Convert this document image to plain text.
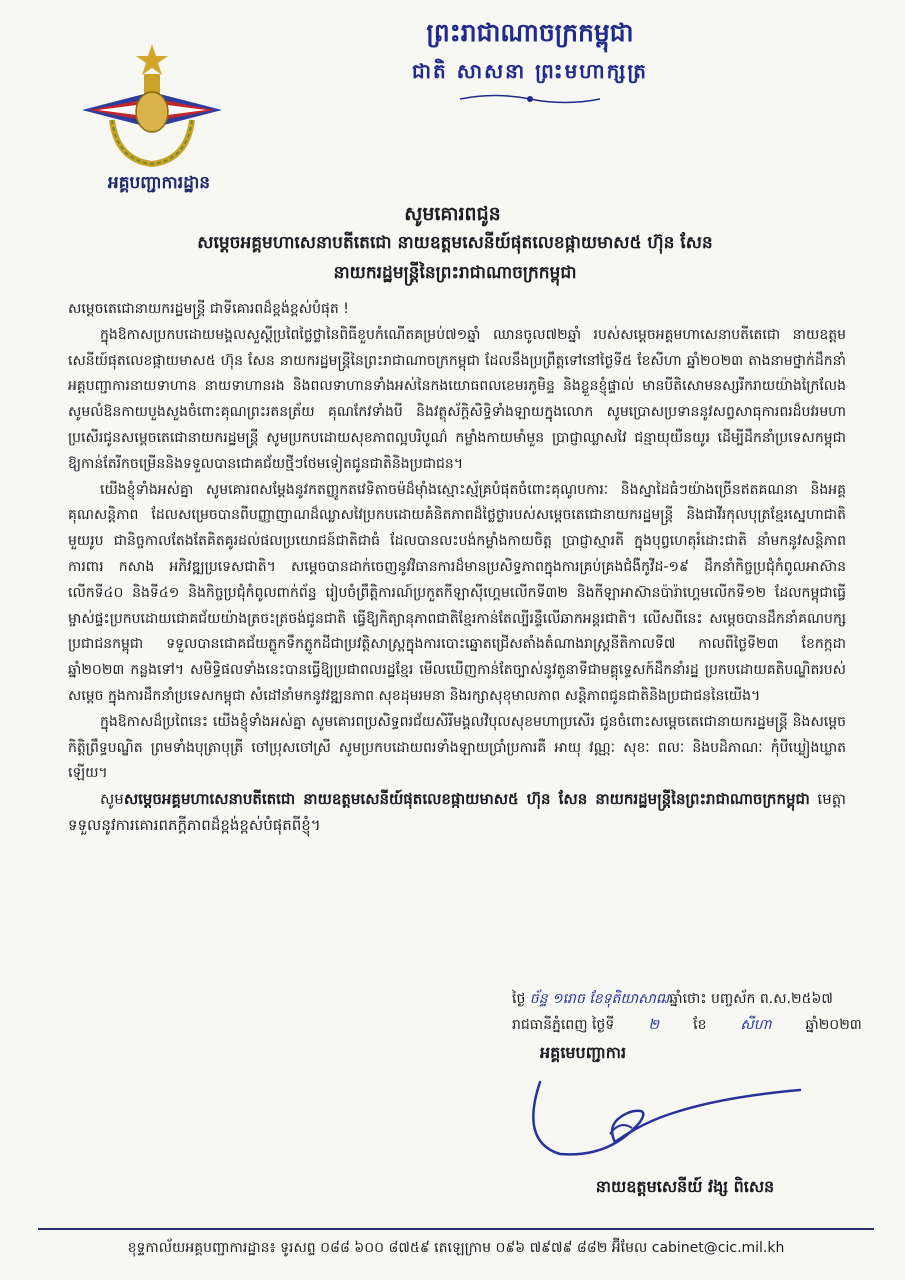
អគ្គបញ្ជាការដ្ឋាន
ព្រះរាជាណាចក្រកម្ពុជា
ជាតិ សាសនា ព្រះមហាក្សត្រ
សូមគោរពជូន
សម្តេចអគ្គមហាសេនាបតីតេជោ នាយឧត្តមសេនីយ៍ផុតលេខផ្កាយមាស៥ ហ៊ុន សែន
នាយករដ្ឋមន្ត្រីនៃព្រះរាជាណាចក្រកម្ពុជា

សម្តេចតេជោនាយករដ្ឋមន្ត្រី ជាទីគោរពដ៏ខ្ពង់ខ្ពស់បំផុត !

ក្នុងឱកាសប្រកបដោយមង្គលសួស្តីប្រពៃថ្លៃថ្លានៃពិធីខួបកំណើតគម្រប់៧១ឆ្នាំ ឈានចូល៧២ឆ្នាំ របស់សម្តេចអគ្គមហាសេនាបតីតេជោ នាយឧត្តមសេនីយ៍ផុតលេខផ្កាយមាស៥ ហ៊ុន សែន នាយករដ្ឋមន្ត្រីនៃព្រះរាជាណាចក្រកម្ពុជា ដែលនឹងប្រព្រឹត្តទៅនៅថ្ងៃទី៥ ខែសីហា ឆ្នាំ២០២៣ តាងនាមថ្នាក់ដឹកនាំអគ្គបញ្ជាការនាយទាហាន នាយទាហានរង និងពលទាហានទាំងអស់នៃកងយោធពលខេមរភូមិន្ទ និងខ្លួនខ្ញុំផ្ទាល់ មានបីតិសោមនស្សរីករាយយ៉ាងក្រៃលែង សូមលំឱនកាយបួងសួងចំពោះគុណព្រះរតនត្រ័យ គុណកែវទាំងបី និងវត្ថុស័ក្តិសិទ្ធិទាំងឡាយក្នុងលោក សូមប្រោសប្រទាននូវសព្វសាធុការពរដ៏បវរមហាប្រសើរជូនសម្តេចតេជោនាយករដ្ឋមន្ត្រី សូមប្រកបដោយសុខភាពល្អបរិបូណ៌ កម្លាំងកាយមាំមួន ប្រាជ្ញាឈ្លាសវៃ ជន្មាយុយឺនយូរ ដើម្បីដឹកនាំប្រទេសកម្ពុជា ឱ្យកាន់តែរីកចម្រើននិងទទួលបានជោគជ័យថ្មីៗថែមទៀតជូនជាតិនិងប្រជាជន។

យើងខ្ញុំទាំងអស់គ្នា សូមគោរពសម្តែងនូវកតញ្ញូកតវេទិតាចម៉ដ៏ម៉ាំងស្មោះស្ម័គ្របំផុតចំពោះគុណូបការៈ និងស្នាដៃធំៗយ៉ាងច្រើនឥតគណនា និងអគ្គគុណសន្តិភាព ដែលសម្រេចបានពីបញ្ញាញាណដ៏ឈ្លាសវៃប្រកបដោយគំនិតភាពដ៏ថ្លៃថ្លារបស់សម្តេចតេជោនាយករដ្ឋមន្ត្រី និងជាវីរកុលបុត្រខ្មែរស្នេហាជាតិមួយរូប ជានិច្ចកាលតែងតែគិតគូរដល់ផលប្រយោជន៍ជាតិជាធំ ដែលបានលះបង់កម្លាំងកាយចិត្ត ប្រាជ្ញាស្មារតី ក្នុងបុព្វហេតុរំដោះជាតិ នាំមកនូវសន្តិភាព ការពារ កសាង អភិវឌ្ឍប្រទេសជាតិ។ សម្តេចបានដាក់ចេញនូវវិធានការដ៏មានប្រសិទ្ធភាពក្នុងការគ្រប់គ្រងជំងឺកូវីដ-១៩ ដឹកនាំកិច្ចប្រជុំកំពូលអាស៊ានលើកទី៤០ និងទី៤១ និងកិច្ចប្រជុំកំពូលពាក់ព័ន្ធ រៀបចំព្រឹត្តិការណ៍ប្រកួតកីឡាស៊ីហ្គេមលើកទី៣២ និងកីឡាអាស៊ានប៉ារ៉ាហ្គេមលើកទី១២ ដែលកម្ពុជាធ្វើម្ចាស់ផ្ទះប្រកបដោយជោគជ័យយ៉ាងត្រចះត្រចង់ជូនជាតិ ធ្វើឱ្យកិត្យានុភាពជាតិខ្មែរកាន់តែល្បីរន្ទឺលើឆាកអន្តរជាតិ។ លើសពីនេះ សម្តេចបានដឹកនាំគណបក្សប្រជាជនកម្ពុជា ទទួលបានជោគជ័យភ្លូកទឹកភ្លូកដីជាប្រវត្តិសាស្ត្រក្នុងការបោះឆ្នោតជ្រើសតាំងតំណាងរាស្ត្រនីតិកាលទី៧ កាលពីថ្ងៃទី២៣ ខែកក្កដា ឆ្នាំ២០២៣ កន្លងទៅ។ សមិទ្ធិផលទាំងនេះបានធ្វើឱ្យប្រជាពលរដ្ឋខ្មែរ មើលឃើញកាន់តែច្បាស់នូវតួនាទីជាមគ្គុទ្ទេសក៍ដឹកនាំរដ្ឋ ប្រកបដោយគតិបណ្ឌិតរបស់សម្តេច ក្នុងការដឹកនាំប្រទេសកម្ពុជា សំដៅនាំមកនូវវឌ្ឍនភាព សុខដុមរមនា និងរក្សាសុខុមាលភាព សន្តិភាពជូនជាតិនិងប្រជាជននៃយើង។

ក្នុងឱកាសដ៏ប្រពៃនេះ យើងខ្ញុំទាំងអស់គ្នា សូមគោរពប្រសិទ្ធពរជ័យសិរីមង្គលវិបុលសុខមហាប្រសើរ ជូនចំពោះសម្តេចតេជោនាយករដ្ឋមន្ត្រី និងសម្តេចកិត្តិព្រឹទ្ធបណ្ឌិត ព្រមទាំងបុត្រាបុត្រី ចៅប្រុសចៅស្រី សូមប្រកបដោយពរទាំងឡាយប្រាំប្រការគឺ អាយុ វណ្ណៈ សុខៈ ពលៈ និងបដិភាណៈ កុំបីឃ្លៀងឃ្លាតឡើយ។

សូមសម្តេចអគ្គមហាសេនាបតីតេជោ នាយឧត្តមសេនីយ៍ផុតលេខផ្កាយមាស៥ ហ៊ុន សែន នាយករដ្ឋមន្ត្រីនៃព្រះរាជាណាចក្រកម្ពុជា មេត្តាទទួលនូវការគោរពភក្តីភាពដ៏ខ្ពង់ខ្ពស់បំផុតពីខ្ញុំ។

ថ្ងៃ ច័ន្ទ ១រោច ខែទុតិយាសាឍឆ្នាំថោះ បញ្ចស័ក ព.ស.២៥៦៧
រាជធានីភ្នំពេញ ថ្ងៃទី ២ ខែ សីហា ឆ្នាំ២០២៣
អគ្គមេបញ្ជាការ
នាយឧត្តមសេនីយ៍ វង្ស ពិសេន
ខុទ្ទកាល័យអគ្គបញ្ជាការដ្ឋាន៖ ទូរសព្ទ ០៨៨ ៦០០ ៨៧៥៩ តេឡេក្រាម ០៩៦ ៧៩៧៩ ៨៨២ អ៊ីមែល cabinet@cic.mil.kh
